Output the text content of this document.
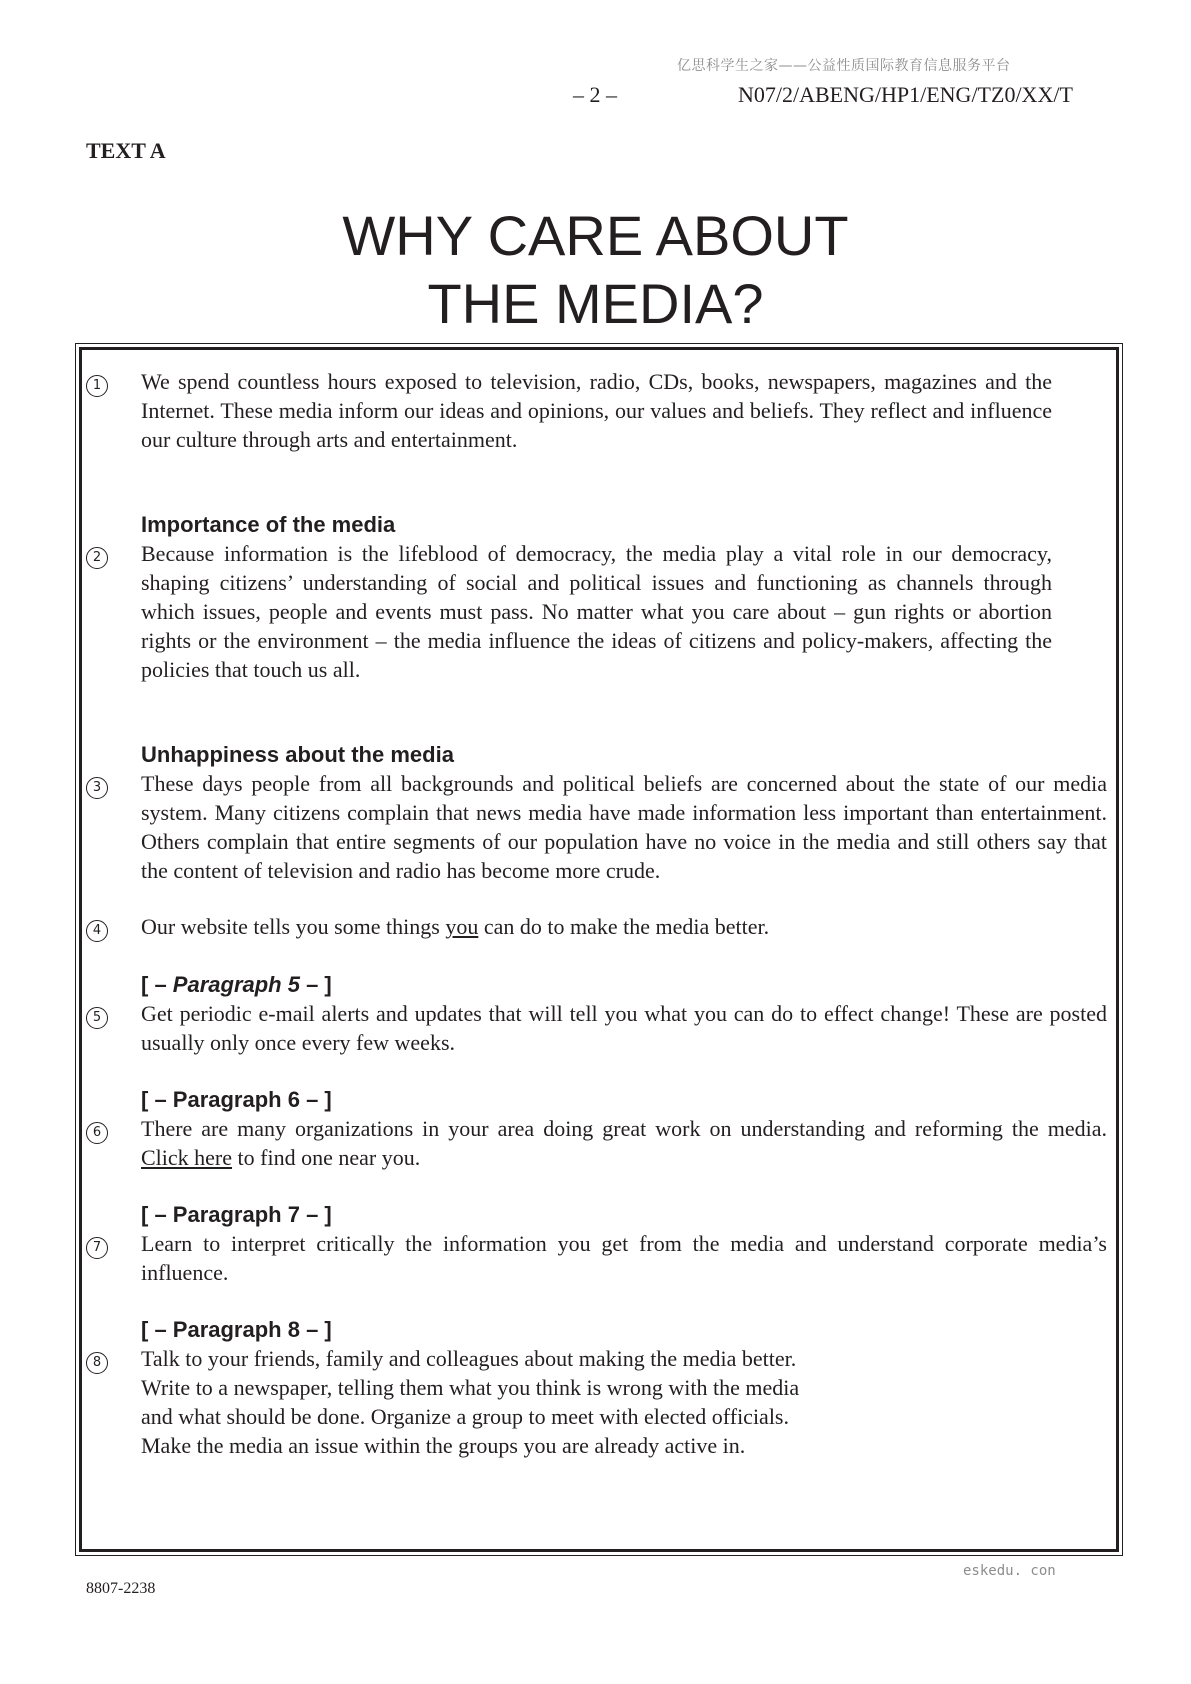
亿思科学生之家——公益性质国际教育信息服务平台
– 2 –	N07/2/ABENG/HP1/ENG/TZ0/XX/T
TEXT A
WHY CARE ABOUT
THE MEDIA?
1	We spend countless hours exposed to television, radio, CDs, books, newspapers, magazines and the Internet. These media inform our ideas and opinions, our values and beliefs. They reflect and influence our culture through arts and entertainment.

Importance of the media

2	Because information is the lifeblood of democracy, the media play a vital role in our democracy, shaping citizens’ understanding of social and political issues and functioning as channels through which issues, people and events must pass. No matter what you care about – gun rights or abortion rights or the environment – the media influence the ideas of citizens and policy-makers, affecting the policies that touch us all.

Unhappiness about the media

3	These days people from all backgrounds and political beliefs are concerned about the state of our media system. Many citizens complain that news media have made information less important than entertainment. Others complain that entire segments of our population have no voice in the media and still others say that the content of television and radio has become more crude.

4	Our website tells you some things you can do to make the media better.

[ – Paragraph 5 – ]

5	Get periodic e-mail alerts and updates that will tell you what you can do to effect change! These are posted usually only once every few weeks.

[ – Paragraph 6 – ]

6	There are many organizations in your area doing great work on understanding and reforming the media. Click here to find one near you.

[ – Paragraph 7 – ]

7	Learn to interpret critically the information you get from the media and understand corporate media’s influence.

[ – Paragraph 8 – ]

8	Talk to your friends, family and colleagues about making the media better. Write to a newspaper, telling them what you think is wrong with the media and what should be done. Organize a group to meet with elected officials. Make the media an issue within the groups you are already active in.

8807-2238
eskedu. con
